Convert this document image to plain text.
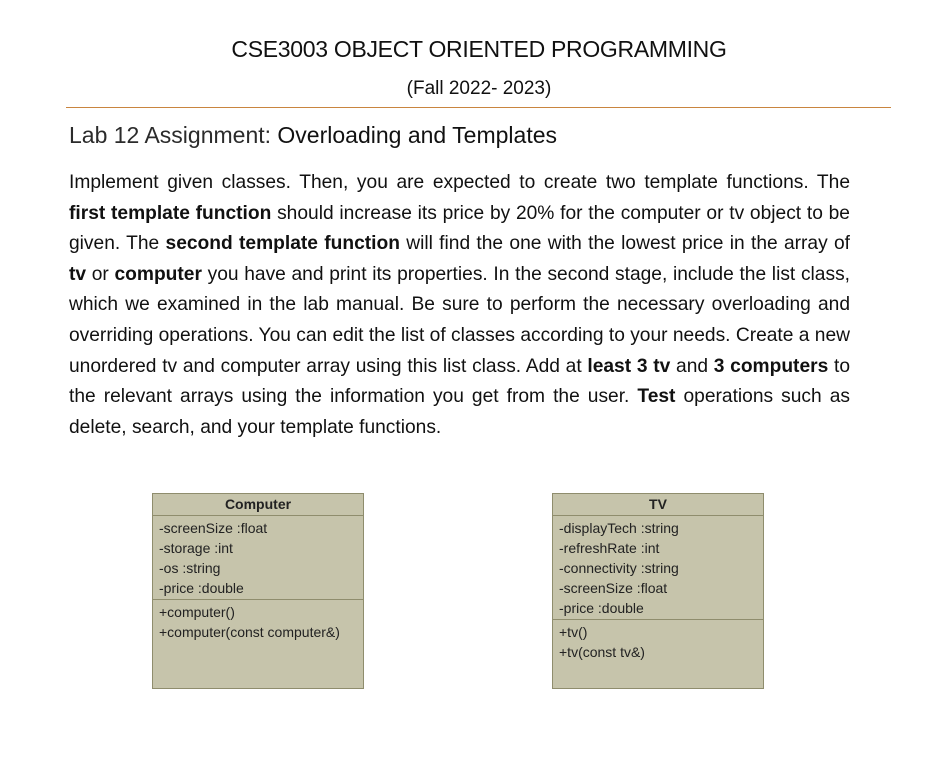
CSE3003 OBJECT ORIENTED PROGRAMMING
(Fall 2022- 2023)
Lab 12 Assignment: Overloading and Templates

Implement given classes. Then, you are expected to create two template functions. The first template function should increase its price by 20% for the computer or tv object to be given. The second template function will find the one with the lowest price in the array of tv or computer you have and print its properties. In the second stage, include the list class, which we examined in the lab manual. Be sure to perform the necessary overloading and overriding operations. You can edit the list of classes according to your needs. Create a new unordered tv and computer array using this list class. Add at least 3 tv and 3 computers to the relevant arrays using the information you get from the user. Test operations such as delete, search, and your template functions.

Computer
-screenSize :float
-storage :int
-os :string
-price :double
+computer()
+computer(const computer&)
TV
-displayTech :string
-refreshRate :int
-connectivity :string
-screenSize :float
-price :double
+tv()
+tv(const tv&)
